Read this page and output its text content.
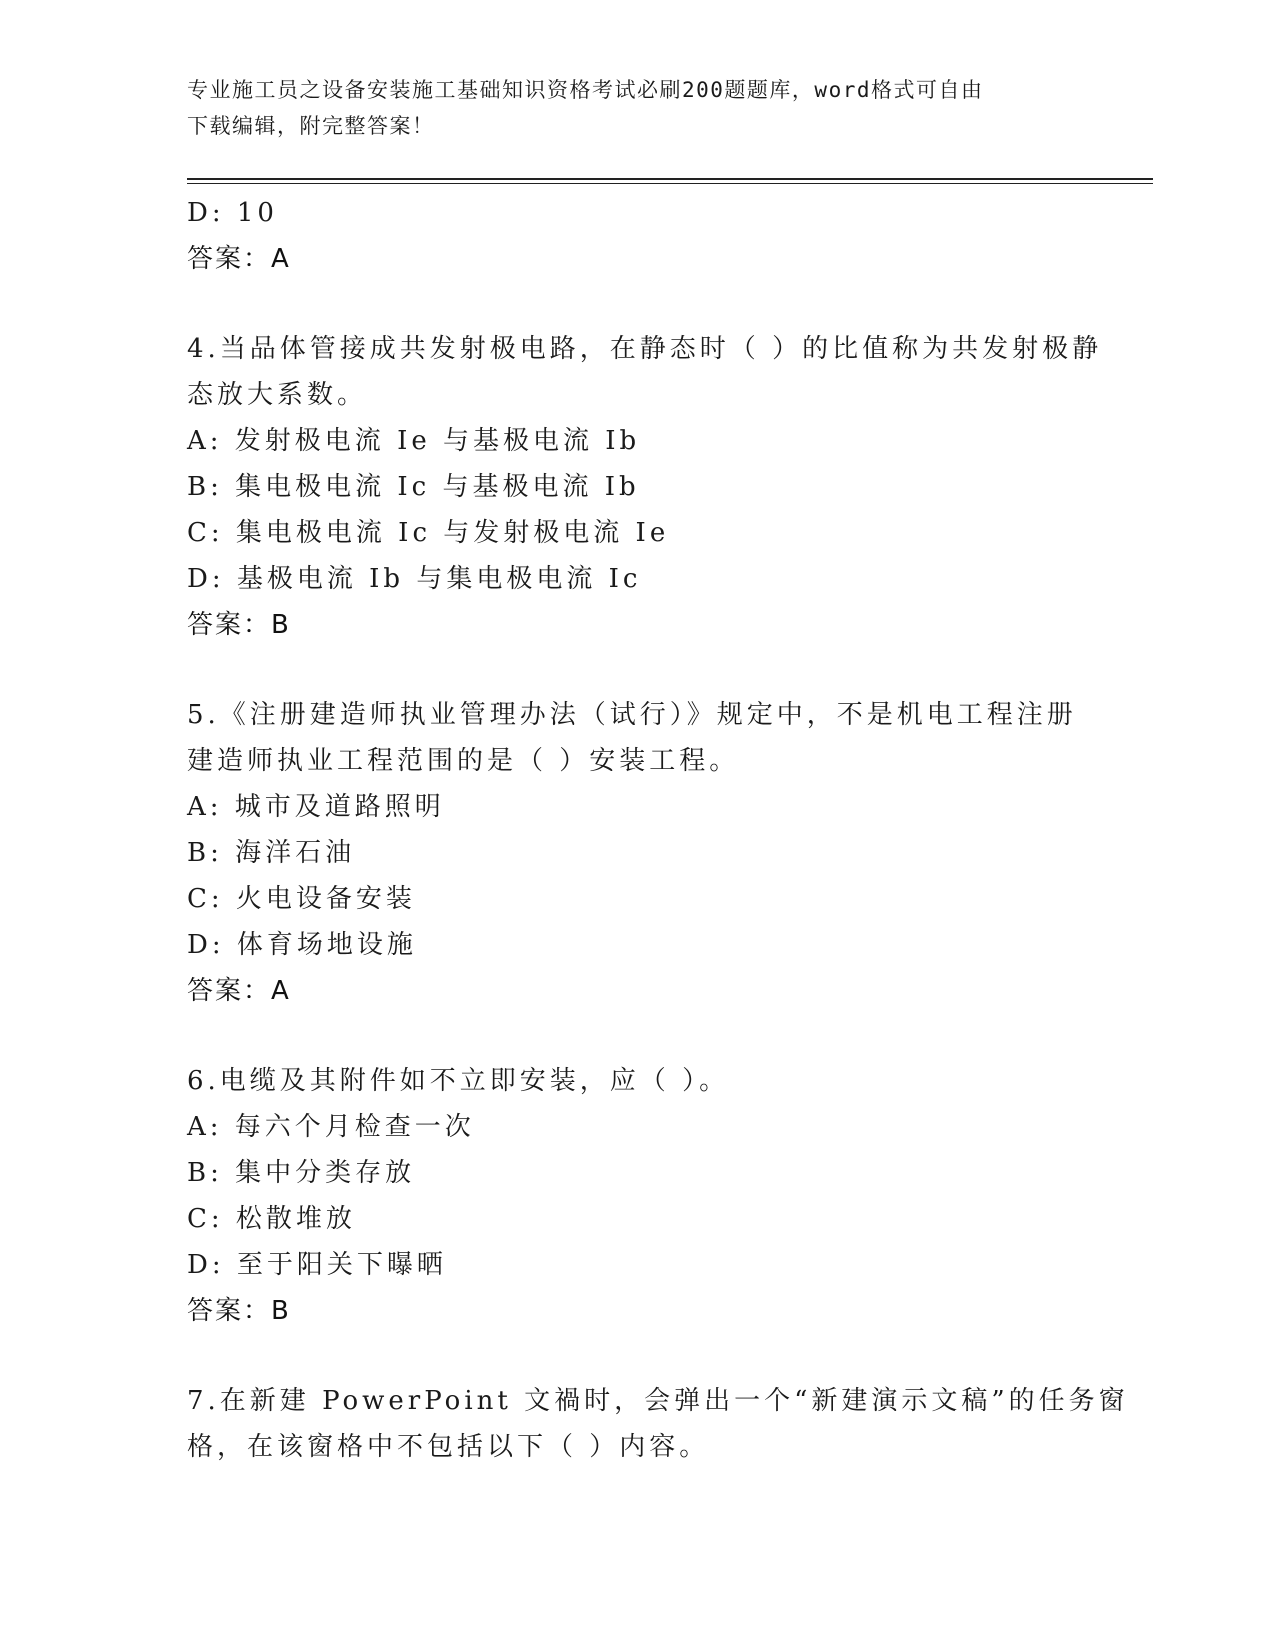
专业施工员之设备安装施工基础知识资格考试必刷200题题库，word格式可自由
下载编辑，附完整答案！

D: 10

答案：A

4.当品体管接成共发射极电路，在静态时（ ）的比值称为共发射极静

态放大系数。

A: 发射极电流 Ie 与基极电流 Ib

B: 集电极电流 Ic 与基极电流 Ib

C: 集电极电流 Ic 与发射极电流 Ie

D: 基极电流 Ib 与集电极电流 Ic

答案：B

5.《注册建造师执业管理办法（试行）》规定中，不是机电工程注册

建造师执业工程范围的是（ ）安装工程。

A: 城市及道路照明

B: 海洋石油

C: 火电设备安装

D: 体育场地设施

答案：A

6.电缆及其附件如不立即安装，应（ ）。

A: 每六个月检查一次

B: 集中分类存放

C: 松散堆放

D: 至于阳关下曝晒

答案：B

7.在新建 PowerPoint 文禍时，会弹出一个“新建演示文稿”的任务窗

格，在该窗格中不包括以下（ ）内容。
